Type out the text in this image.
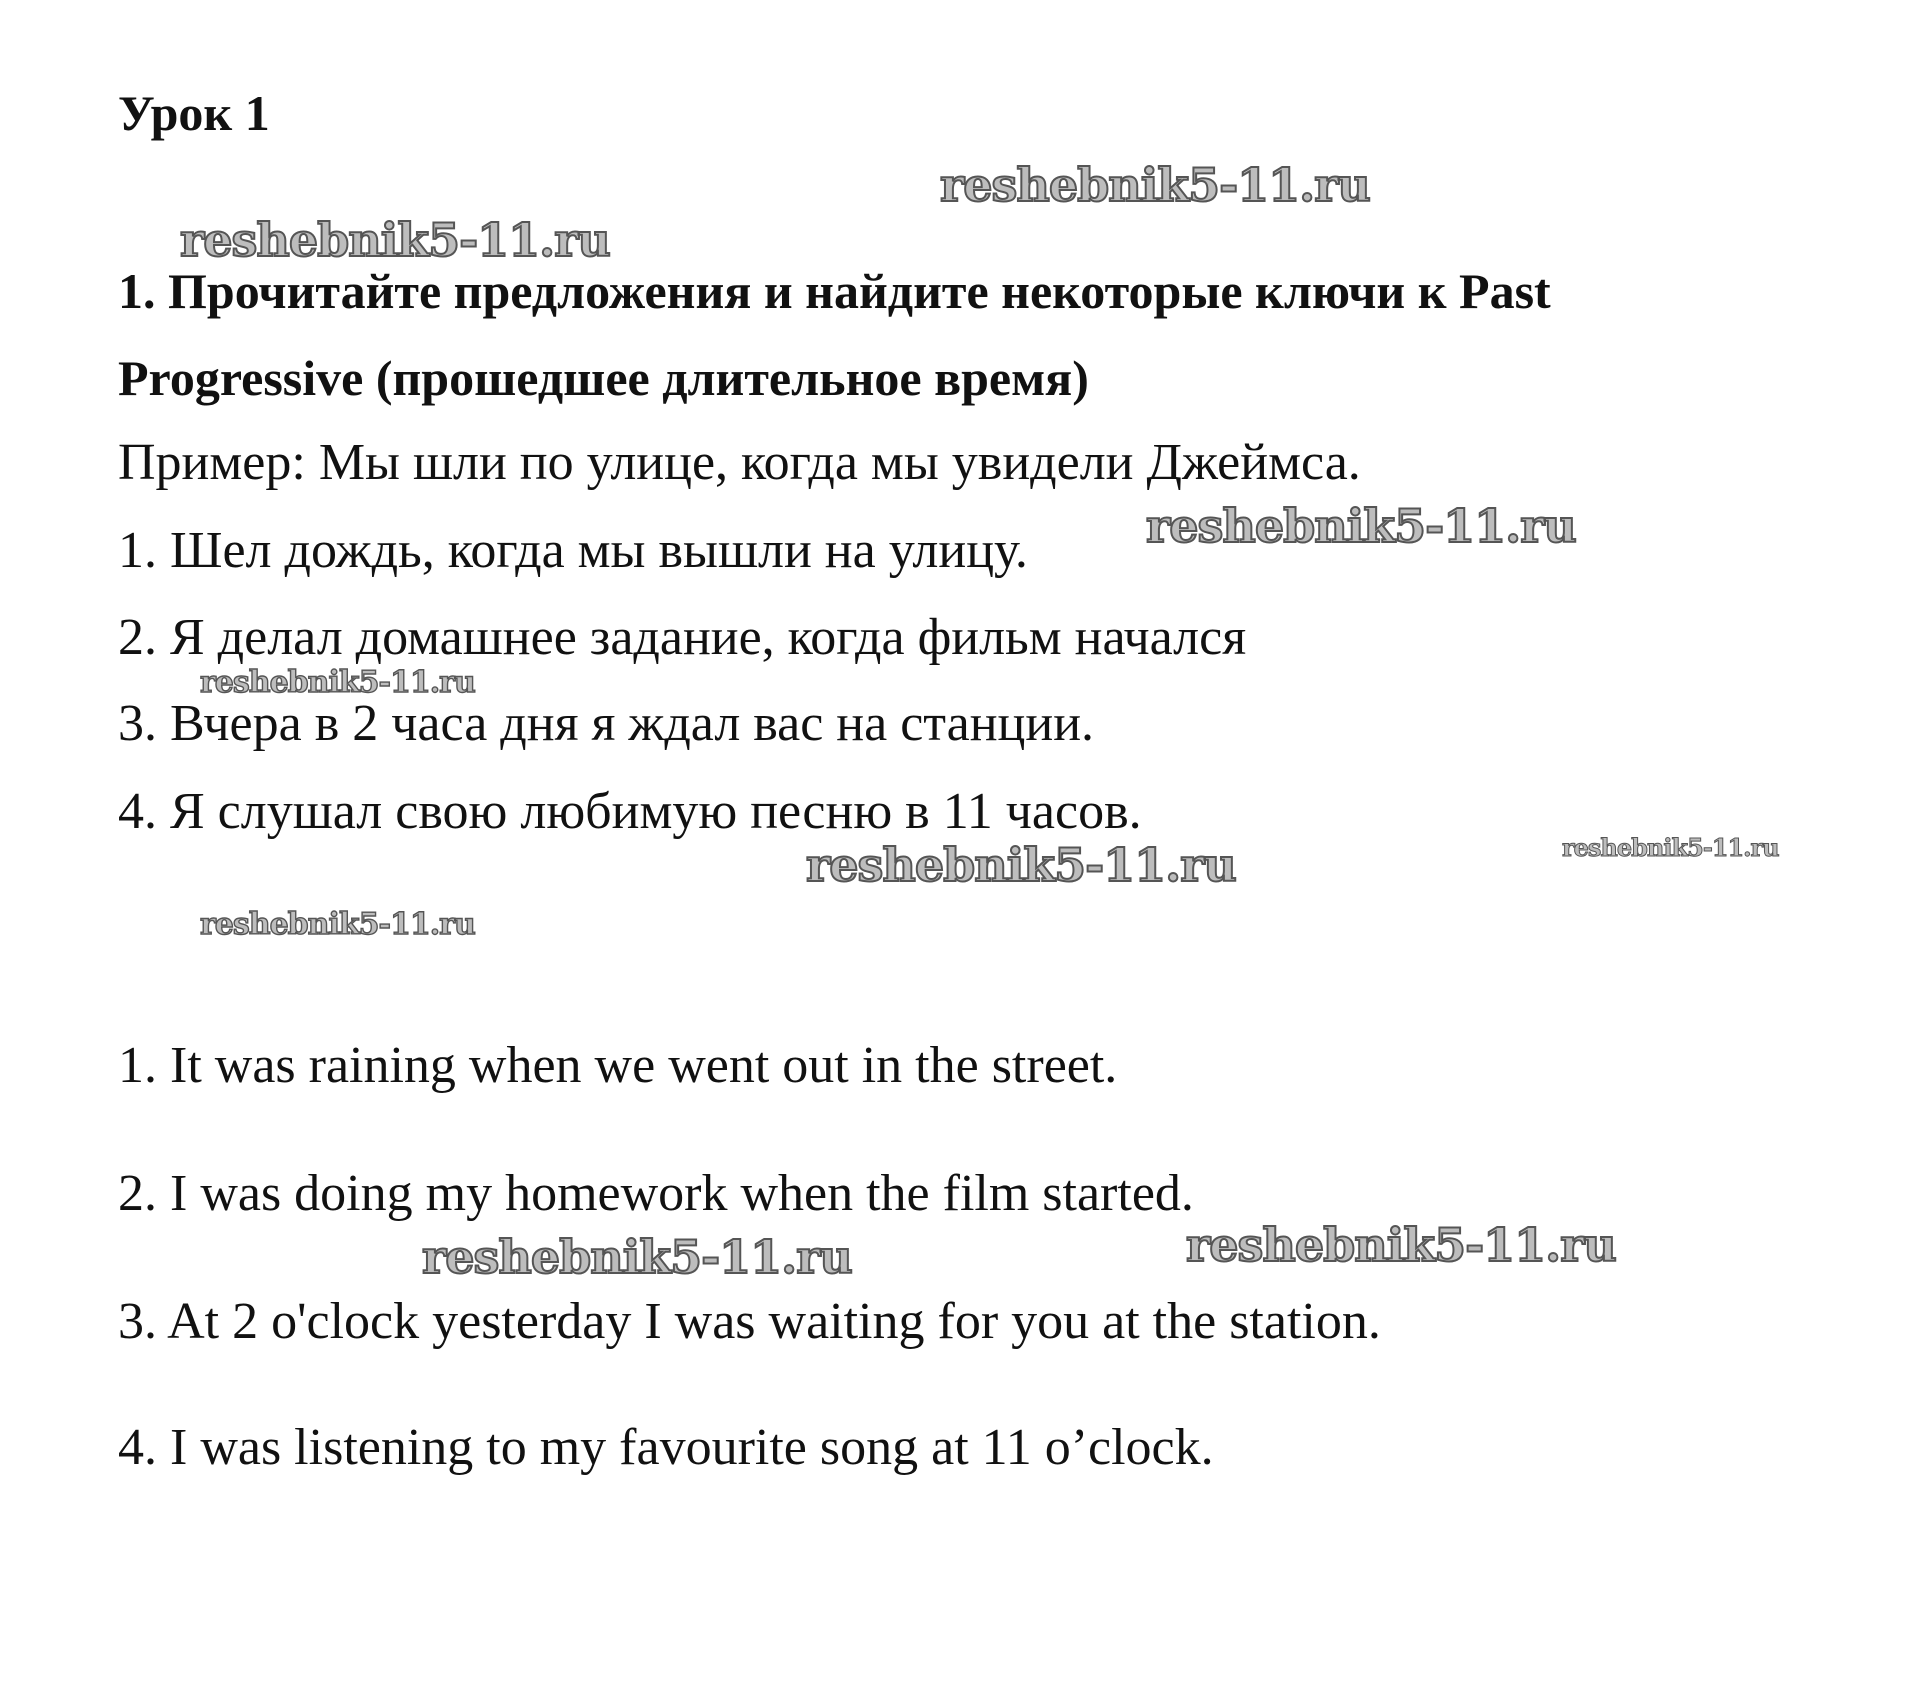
Урок 1

1. Прочитайте предложения и найдите некоторые ключи к Past

Progressive (прошедшее длительное время)

Пример: Мы шли по улице, когда мы увидели Джеймса.

1. Шел дождь, когда мы вышли на улицу.

2. Я делал домашнее задание, когда фильм начался

3. Вчера в 2 часа дня я ждал вас на станции.

4. Я слушал свою любимую песню в 11 часов.

1. It was raining when we went out in the street.

2. I was doing my homework when the film started.

3. At 2 o'clock yesterday I was waiting for you at the station.

4. I was listening to my favourite song at 11 o’clock.

reshebnik5-11.ru
reshebnik5-11.ru
reshebnik5-11.ru
reshebnik5-11.ru
reshebnik5-11.ru	reshebnik5-11.ru
reshebnik5-11.ru
reshebnik5-11.ru	reshebnik5-11.ru
